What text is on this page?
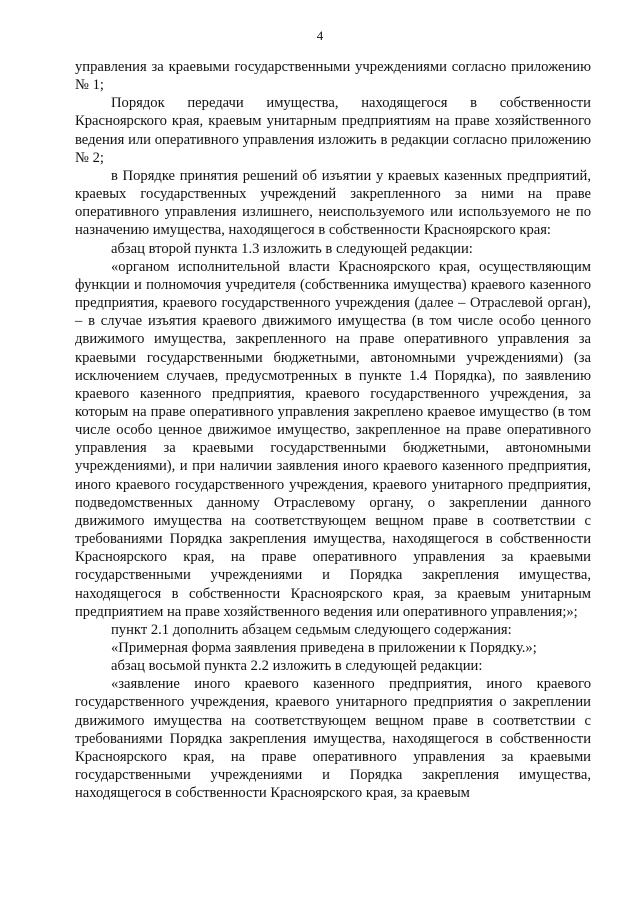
4

управления за краевыми государственными учреждениями согласно приложению № 1;

Порядок передачи имущества, находящегося в собственности Красноярского края, краевым унитарным предприятиям на праве хозяйственного ведения или оперативного управления изложить в редакции согласно приложению № 2;

в Порядке принятия решений об изъятии у краевых казенных предприятий, краевых государственных учреждений закрепленного за ними на праве оперативного управления излишнего, неиспользуемого или используемого не по назначению имущества, находящегося в собственности Красноярского края:

абзац второй пункта 1.3 изложить в следующей редакции:

«органом исполнительной власти Красноярского края, осуществляющим функции и полномочия учредителя (собственника имущества) краевого казенного предприятия, краевого государственного учреждения (далее – Отраслевой орган), – в случае изъятия краевого движимого имущества (в том числе особо ценного движимого имущества, закрепленного на праве оперативного управления за краевыми государственными бюджетными, автономными учреждениями) (за исключением случаев, предусмотренных в пункте 1.4 Порядка), по заявлению краевого казенного предприятия, краевого государственного учреждения, за которым на праве оперативного управления закреплено краевое имущество (в том числе особо ценное движимое имущество, закрепленное на праве оперативного управления за краевыми государственными бюджетными, автономными учреждениями), и при наличии заявления иного краевого казенного предприятия, иного краевого государственного учреждения, краевого унитарного предприятия, подведомственных данному Отраслевому органу, о закреплении данного движимого имущества на соответствующем вещном праве в соответствии с требованиями Порядка закрепления имущества, находящегося в собственности Красноярского края, на праве оперативного управления за краевыми государственными учреждениями и Порядка закрепления имущества, находящегося в собственности Красноярского края, за краевым унитарным предприятием на праве хозяйственного ведения или оперативного управления;»;

пункт 2.1 дополнить абзацем седьмым следующего содержания:

«Примерная форма заявления приведена в приложении к Порядку.»;

абзац восьмой пункта 2.2 изложить в следующей редакции:

«заявление иного краевого казенного предприятия, иного краевого государственного учреждения, краевого унитарного предприятия о закреплении движимого имущества на соответствующем вещном праве в соответствии с требованиями Порядка закрепления имущества, находящегося в собственности Красноярского края, на праве оперативного управления за краевыми государственными учреждениями и Порядка закрепления имущества, находящегося в собственности Красноярского края, за краевым
